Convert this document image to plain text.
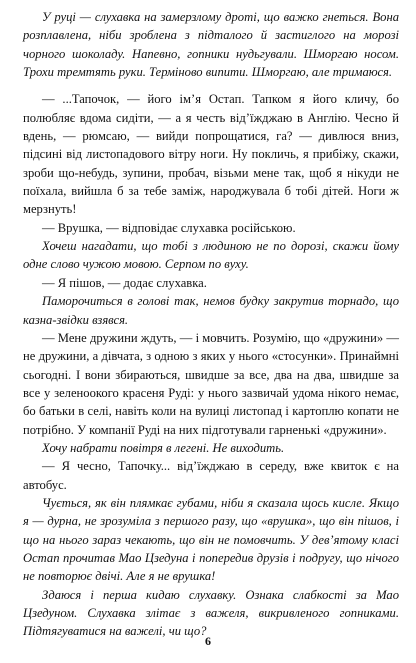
У руці — слухавка на замерзлому дроті, що важко гнеться. Вона розплавлена, ніби зроблена з підталого й застиглого на морозі чорного шоколаду. Напевно, гопники нудьгували. Шморгаю носом. Трохи тремтять руки. Терміново випити. Шморгаю, але тримаюся.

— ...Тапочок, — його ім’я Остап. Тапком я його кличу, бо полюбляє вдома сидіти, — а я честь від’їжджаю в Англію. Чесно й вдень, — рюмсаю, — вийди попрощатися, га? — дивлюся вниз, підсині від листопадового вітру ноги. Ну покличь, я прибіжу, скажи, зроби що-небудь, зупини, пробач, візьми мене так, щоб я нікуди не поїхала, вийшла б за тебе заміж, народжувала б тобі дітей. Ноги ж мерзнуть!

— Врушка, — відповідає слухавка російською.

Хочеш нагадати, що тобі з людиною не по дорозі, скажи йому одне слово чужою мовою. Серпом по вуху.

— Я пішов, — додає слухавка.

Паморочиться в голові так, немов будку закрутив торнадо, що казна-звідки взявся.

— Мене дружини ждуть, — і мовчить. Розумію, що «дружини» — не дружини, а дівчата, з одною з яких у нього «стосунки». Принаймні сьогодні. І вони збираються, швидше за все, два на два, швидше за все у зеленоокого красеня Руді: у нього зазвичай удома нікого немає, бо батьки в селі, навіть коли на вулиці листопад і картоплю копати не потрібно. У компанії Руді на них підготували гарненькі «дружини».

Хочу набрати повітря в легені. Не виходить.

— Я чесно, Тапочку... від’їжджаю в середу, вже квиток є на автобус.

Чується, як він плямкає губами, ніби я сказала щось кисле. Якщо я — дурна, не зрозуміла з першого разу, що «врушка», що він пішов, і що на нього зараз чекають, що він не помовчить. У дев’ятому класі Остап прочитав Мао Цзедуна і попередив друзів і подругу, що нічого не повторює двічі. Але я не врушка!

Здаюся і перша кидаю слухавку. Ознака слабкості за Мао Цзедуном. Слухавка злітає з важеля, викривленого гопниками. Підтягуватися на важелі, чи що?

6
